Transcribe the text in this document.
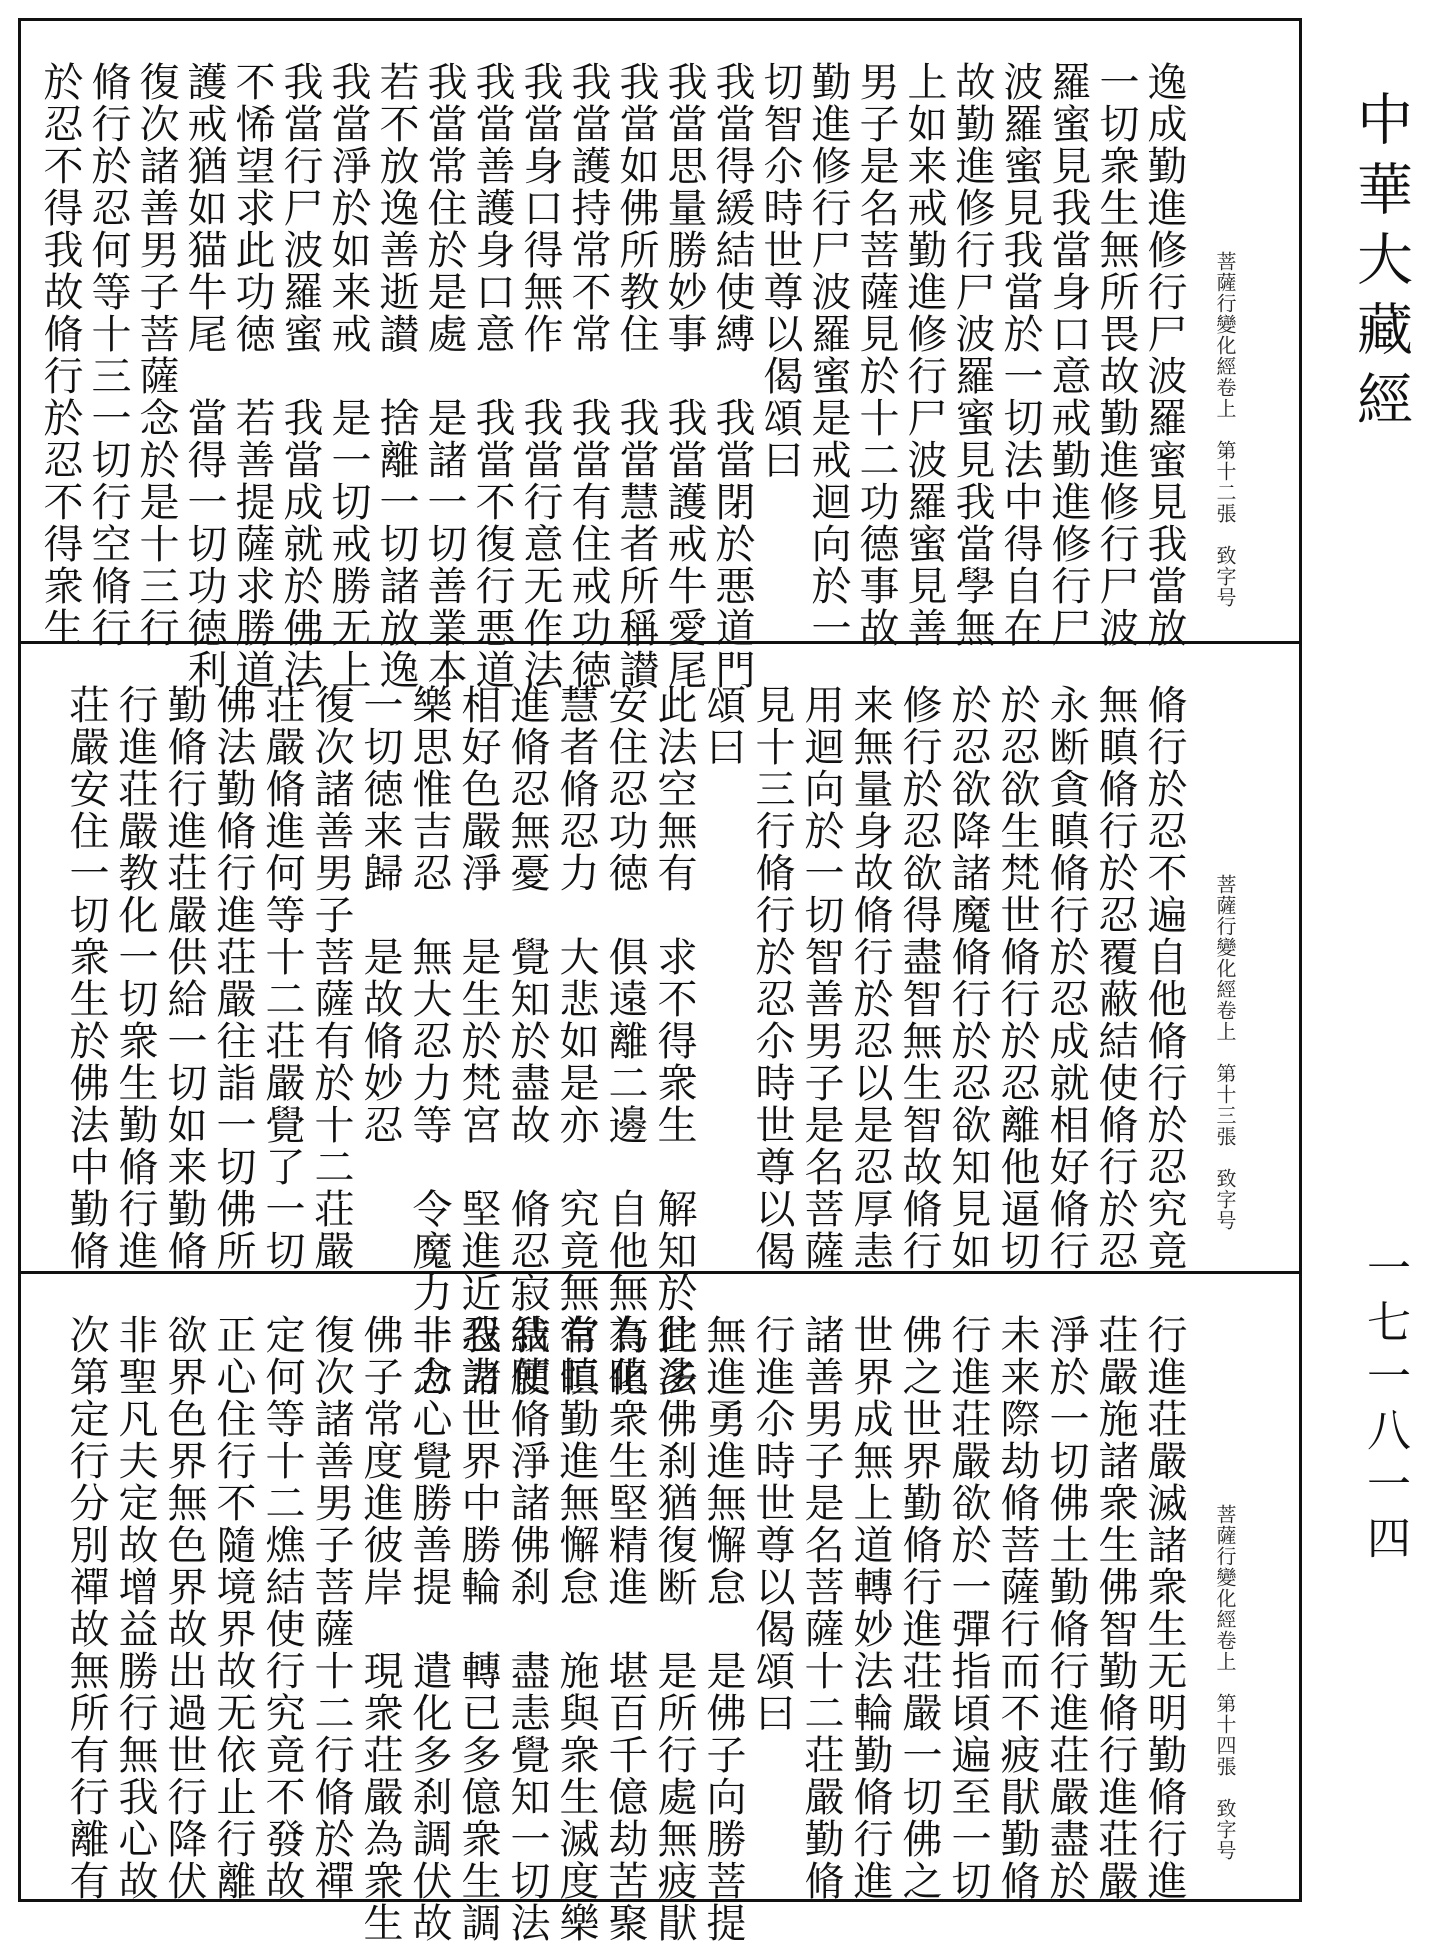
菩薩行變化經卷上　第十二張　致字号
逸成勤進修行尸波羅蜜見我當放
一切衆生無所畏故勤進修行尸波
羅蜜見我當身口意戒勤進修行尸
波羅蜜見我當於一切法中得自在
故勤進修行尸波羅蜜見我當學無
上如来戒勤進修行尸波羅蜜見善
男子是名菩薩見於十二功德事故
勤進修行尸波羅蜜是戒迴向於一
切智尒時世尊以偈頌曰
我當得緩結使縛　我當閉於悪道門
我當思量勝妙事　我當護戒牛愛尾
我當如佛所教住　我當慧者所稱讃
我當護持常不常　我當有住戒功徳
我當身口得無作　我當行意无作法
我當善護身口意　我當不復行悪道
我當常住於是處　是諸一切善業本
若不放逸善逝讃　捨離一切諸放逸
我當淨於如来戒　是一切戒勝无上
我當行尸波羅蜜　我當成就於佛法
不悕望求此功徳　若善提薩求勝道
護戒猶如猫牛尾　當得一切功徳利
復次諸善男子菩薩念於是十三行
脩行於忍何等十三一切行空脩行
於忍不得我故脩行於忍不得衆生
菩薩行變化經卷上　第十三張　致字号
脩行於忍不遍自他脩行於忍究竟
無瞋脩行於忍覆蔽結使脩行於忍
永断貪瞋脩行於忍成就相好脩行
於忍欲生梵世脩行於忍離他逼切
於忍欲降諸魔脩行於忍欲知見如
修行於忍欲得盡智無生智故脩行
来無量身故脩行於忍以是忍厚恚
用迴向於一切智善男子是名菩薩
見十三行脩行於忍尒時世尊以偈
頌曰
此法空無有　求不得衆生　解知於此法
安住忍功徳　俱遠離二邊　自他無有瞋
慧者脩忍力　大悲如是亦　究竟無有瞋
進脩忍無憂　覺知於盡故　脩忍寂結使
相好色嚴淨　是生於梵宮　堅進近忍力
樂思惟吉忍　無大忍力等　令魔力非力
一切徳来歸　是故脩妙忍
復次諸善男子菩薩有於十二荘嚴
荘嚴脩進何等十二荘嚴覺了一切
佛法勤脩行進荘嚴往詣一切佛所
勤脩行進荘嚴供給一切如来勤脩
行進荘嚴教化一切衆生勤脩行進
荘嚴安住一切衆生於佛法中勤脩
菩薩行變化經卷上　第十四張　致字号
行進荘嚴滅諸衆生无明勤脩行進
荘嚴施諸衆生佛智勤脩行進荘嚴
淨於一切佛土勤脩行進荘嚴盡於
未来際劫脩菩薩行而不疲猒勤脩
行進荘嚴欲於一彈指頃遍至一切
佛之世界勤脩行進荘嚴一切佛之
世界成無上道轉妙法輪勤脩行進
諸善男子是名菩薩十二荘嚴勤脩
行進尒時世尊以偈頌曰
無進勇進無懈怠　是佛子向勝菩提
往多佛刹猶復断　是所行處無疲猒
為化衆生堅精進　堪百千億劫苦聚
常恒勤進無懈怠　施與衆生滅度樂
我願脩淨諸佛刹　盡恚覺知一切法
我諸世界中勝輪　轉已多億衆生調
一念心覺勝善提　遣化多刹調伏故
佛子常度進彼岸　現衆荘嚴為衆生
復次諸善男子菩薩十二行脩於禪
定何等十二燋結使行究竟不發故
正心住行不隨境界故无依止行離
欲界色界無色界故出過世行降伏
非聖凡夫定故增益勝行無我心故
次第定行分別禪故無所有行離有
中華大藏經
一七一八一四
